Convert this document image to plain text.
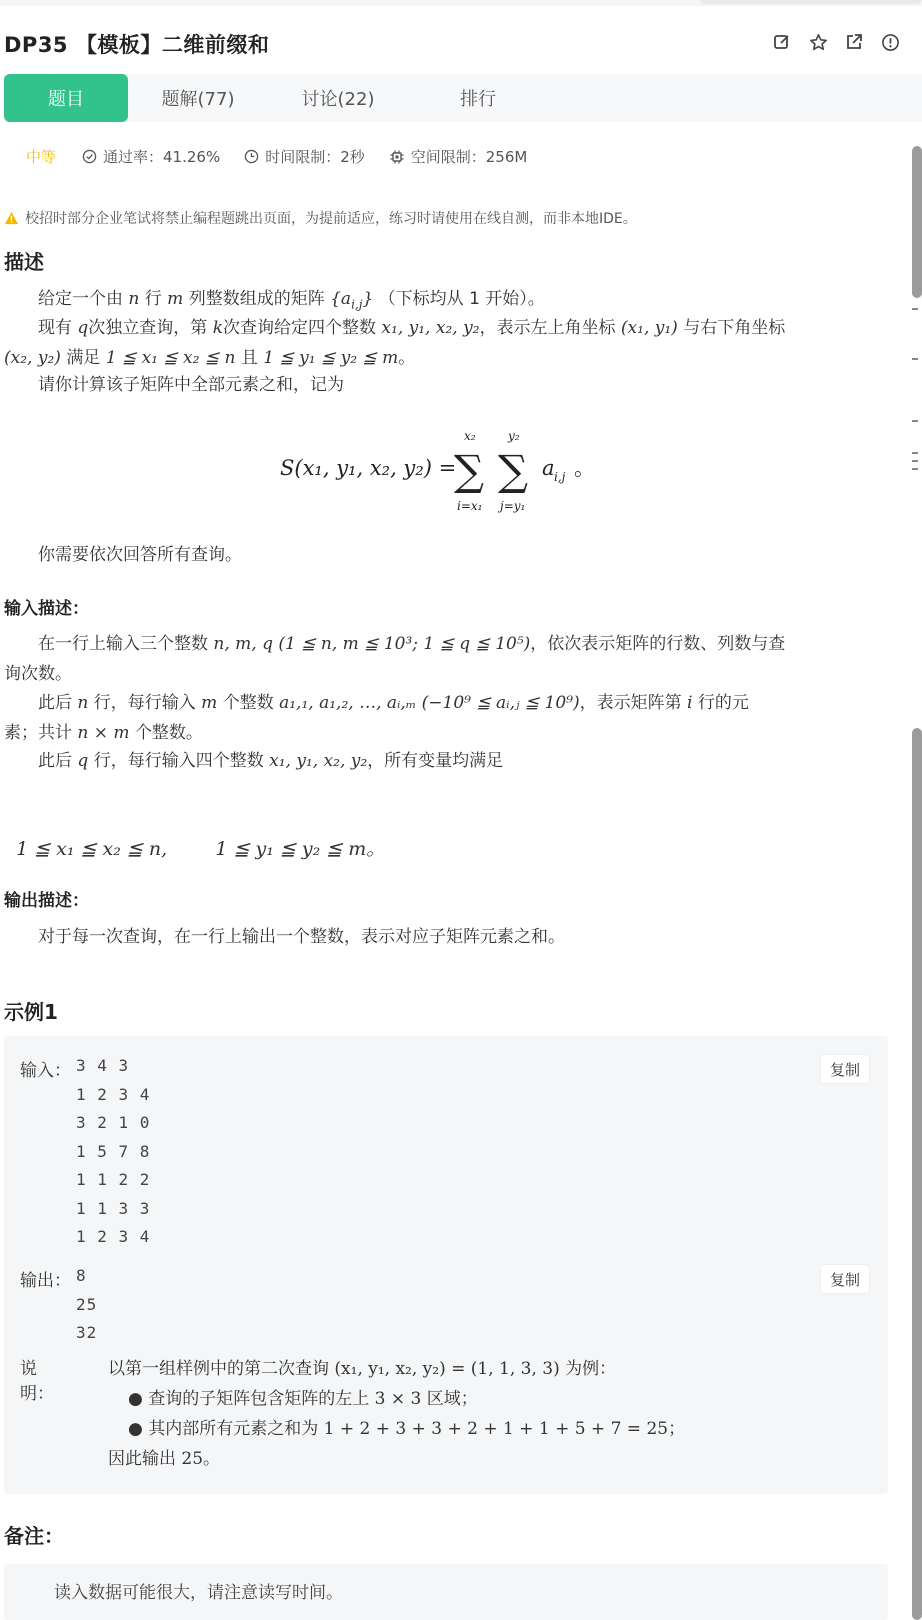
DP35 【模板】二维前缀和
题目	题解(77)	讨论(22)	排行
中等	通过率：41.26%	时间限制：2秒	空间限制：256M
校招时部分企业笔试将禁止编程题跳出页面，为提前适应，练习时请使用在线自测，而非本地IDE。
描述
给定一个由 n 行 m 列整数组成的矩阵 $\{a_{i,j}\}$ （下标均从 1 开始）。
现有 q次独立查询，第 k次查询给定四个整数 x₁, y₁, x₂, y₂，表示左上角坐标 (x₁, y₁) 与右下角坐标
(x₂, y₂) 满足 1 ≦ x₁ ≦ x₂ ≦ n 且 1 ≦ y₁ ≦ y₂ ≦ m。
请你计算该子矩阵中全部元素之和，记为
S(x₁, y₁, x₂, y₂) =
∑
x₂
i=x₁
∑
y₂
j=y₁
a i,j 。
你需要依次回答所有查询。
输入描述：
在一行上输入三个整数 n, m, q (1 ≦ n, m ≦ 10³; 1 ≦ q ≦ 10⁵)，依次表示矩阵的行数、列数与查
询次数。
此后 n 行，每行输入 m 个整数 a₁,₁, a₁,₂, …, aᵢ,ₘ (−10⁹ ≦ aᵢ,ⱼ ≦ 10⁹)，表示矩阵第 i 行的元
素；共计 n × m 个整数。
此后 q 行，每行输入四个整数 x₁, y₁, x₂, y₂，所有变量均满足

1 ≦ x₁ ≦ x₂ ≦ n,        1 ≦ y₁ ≦ y₂ ≦ m。

输出描述：
对于每一次查询，在一行上输出一个整数，表示对应子矩阵元素之和。
示例1
输入： 3 4 3
1 2 3 4
3 2 1 0
1 5 7 8
1 1 2 2
1 1 3 3
1 2 3 4
复制
输出： 8
25
32
复制
说明：
以第一组样例中的第二次查询 (x₁, y₁, x₂, y₂) = (1, 1, 3, 3) 为例：
● 查询的子矩阵包含矩阵的左上 3 × 3 区域；
● 其内部所有元素之和为 1 + 2 + 3 + 3 + 2 + 1 + 1 + 5 + 7 = 25；
因此输出 25。
备注：
读入数据可能很大，请注意读写时间。
